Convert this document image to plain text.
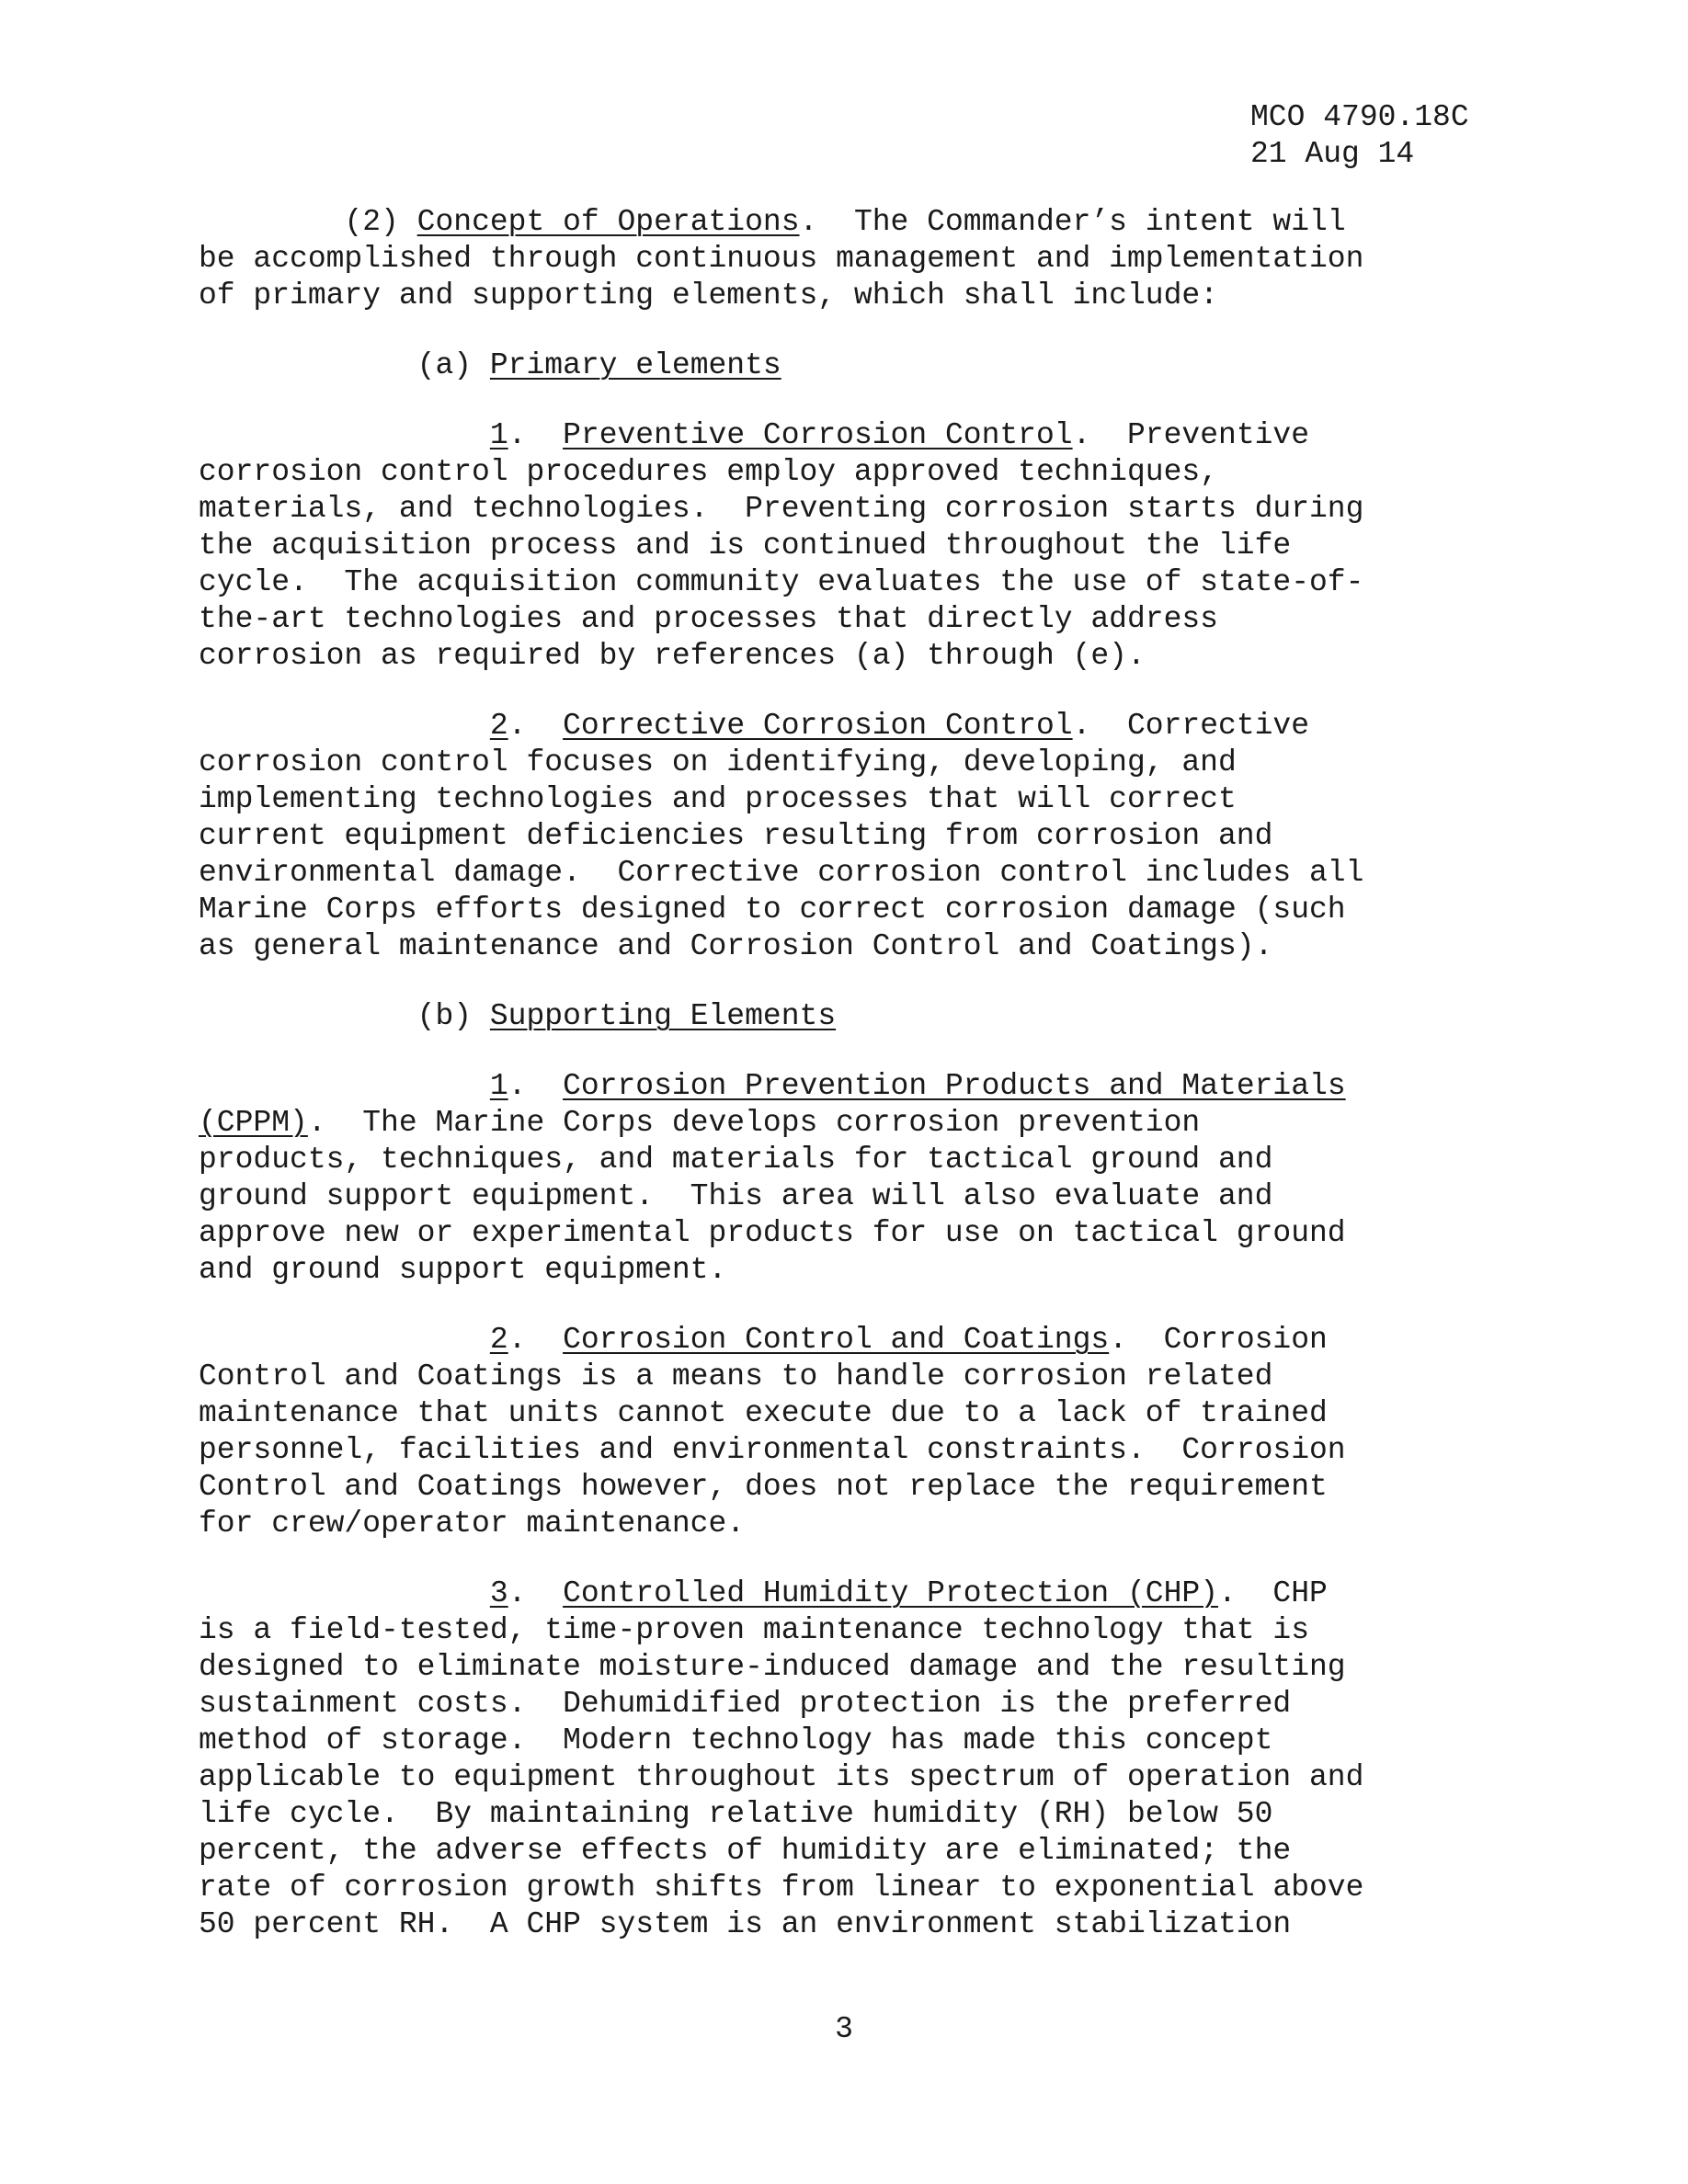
MCO 4790.18C
21 Aug 14
(2) Concept of Operations.  The Commander’s intent will
be accomplished through continuous management and implementation
of primary and supporting elements, which shall include:
(a) Primary elements
1.  Preventive Corrosion Control.  Preventive
corrosion control procedures employ approved techniques,
materials, and technologies.  Preventing corrosion starts during
the acquisition process and is continued throughout the life
cycle.  The acquisition community evaluates the use of state-of-
the-art technologies and processes that directly address
corrosion as required by references (a) through (e).
2.  Corrective Corrosion Control.  Corrective
corrosion control focuses on identifying, developing, and
implementing technologies and processes that will correct
current equipment deficiencies resulting from corrosion and
environmental damage.  Corrective corrosion control includes all
Marine Corps efforts designed to correct corrosion damage (such
as general maintenance and Corrosion Control and Coatings).
(b) Supporting Elements
1.  Corrosion Prevention Products and Materials
(CPPM).  The Marine Corps develops corrosion prevention
products, techniques, and materials for tactical ground and
ground support equipment.  This area will also evaluate and
approve new or experimental products for use on tactical ground
and ground support equipment.
2.  Corrosion Control and Coatings.  Corrosion
Control and Coatings is a means to handle corrosion related
maintenance that units cannot execute due to a lack of trained
personnel, facilities and environmental constraints.  Corrosion
Control and Coatings however, does not replace the requirement
for crew/operator maintenance.
3.  Controlled Humidity Protection (CHP).  CHP
is a field-tested, time-proven maintenance technology that is
designed to eliminate moisture-induced damage and the resulting
sustainment costs.  Dehumidified protection is the preferred
method of storage.  Modern technology has made this concept
applicable to equipment throughout its spectrum of operation and
life cycle.  By maintaining relative humidity (RH) below 50
percent, the adverse effects of humidity are eliminated; the
rate of corrosion growth shifts from linear to exponential above
50 percent RH.  A CHP system is an environment stabilization
3
